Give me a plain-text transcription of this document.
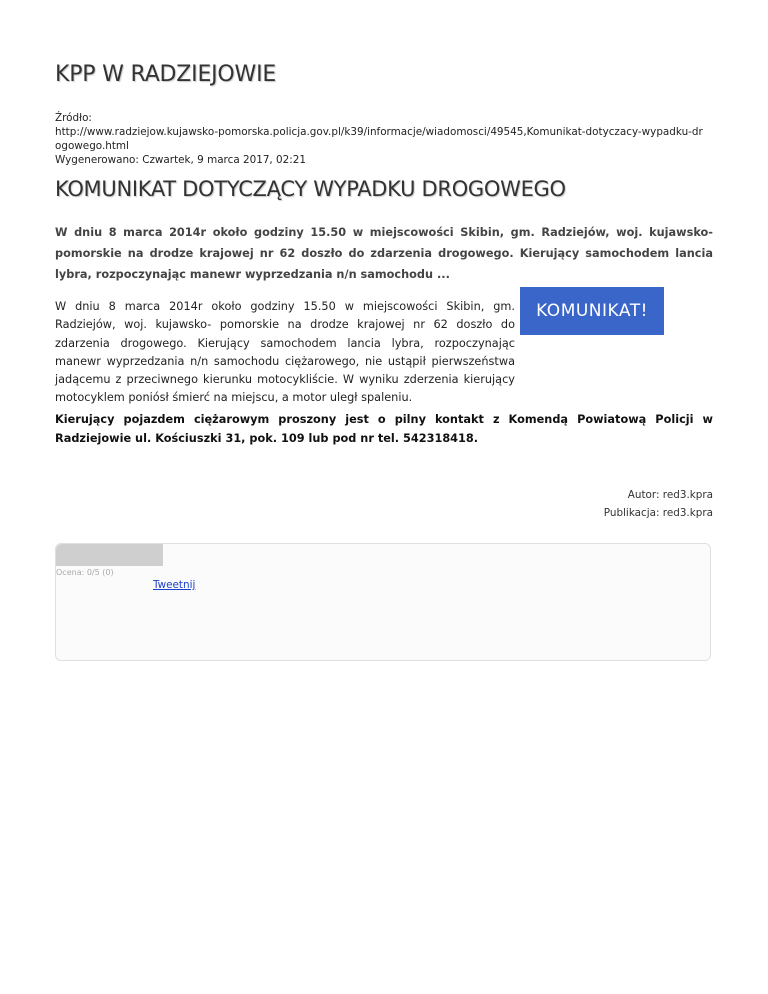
KPP W RADZIEJOWIE
Źródło:
http://www.radziejow.kujawsko-pomorska.policja.gov.pl/k39/informacje/wiadomosci/49545,Komunikat-dotyczacy-wypadku-drogowego.html
Wygenerowano: Czwartek, 9 marca 2017, 02:21
KOMUNIKAT DOTYCZĄCY WYPADKU DROGOWEGO

W dniu 8 marca 2014r około godziny 15.50 w miejscowości Skibin, gm. Radziejów, woj. kujawsko-pomorskie na drodze krajowej nr 62 doszło do zdarzenia drogowego. Kierujący samochodem lancia lybra, rozpoczynając manewr wyprzedzania n/n samochodu ...

W dniu 8 marca 2014r około godziny 15.50 w miejscowości Skibin, gm. Radziejów, woj. kujawsko- pomorskie na drodze krajowej nr 62 doszło do zdarzenia drogowego. Kierujący samochodem lancia lybra, rozpoczynając manewr wyprzedzania n/n samochodu ciężarowego, nie ustąpił pierwszeństwa jadącemu z przeciwnego kierunku motocykliście. W wyniku zderzenia kierujący motocyklem poniósł śmierć na miejscu, a motor uległ spaleniu.

KOMUNIKAT!

Kierujący pojazdem ciężarowym proszony jest o pilny kontakt z Komendą Powiatową Policji w Radziejowie ul. Kościuszki 31, pok. 109 lub pod nr tel. 542318418.

Autor: red3.kpra
Publikacja: red3.kpra
Ocena: 0/5 (0)
Tweetnij
